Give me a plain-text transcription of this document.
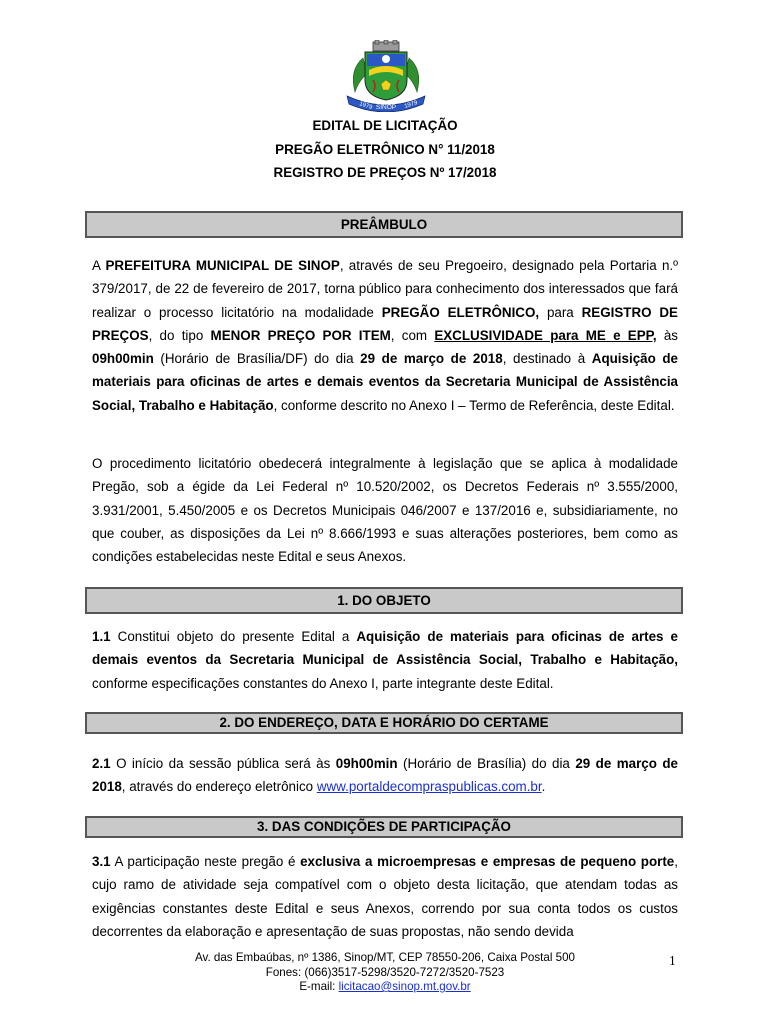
1979 SINOP 1979
EDITAL DE LICITAÇÃO
PREGÃO ELETRÔNICO N° 11/2018
REGISTRO DE PREÇOS Nº 17/2018
PREÂMBULO

A PREFEITURA MUNICIPAL DE SINOP, através de seu Pregoeiro, designado pela Portaria n.º 379/2017, de 22 de fevereiro de 2017, torna público para conhecimento dos interessados que fará realizar o processo licitatório na modalidade PREGÃO ELETRÔNICO, para REGISTRO DE PREÇOS, do tipo MENOR PREÇO POR ITEM, com EXCLUSIVIDADE para ME e EPP, às 09h00min (Horário de Brasília/DF) do dia 29 de março de 2018, destinado à Aquisição de materiais para oficinas de artes e demais eventos da Secretaria Municipal de Assistência Social, Trabalho e Habitação, conforme descrito no Anexo I – Termo de Referência, deste Edital.

O procedimento licitatório obedecerá integralmente à legislação que se aplica à modalidade Pregão, sob a égide da Lei Federal nº 10.520/2002, os Decretos Federais nº 3.555/2000, 3.931/2001, 5.450/2005 e os Decretos Municipais 046/2007 e 137/2016 e, subsidiariamente, no que couber, as disposições da Lei nº 8.666/1993 e suas alterações posteriores, bem como as condições estabelecidas neste Edital e seus Anexos.

1. DO OBJETO

1.1 Constitui objeto do presente Edital a Aquisição de materiais para oficinas de artes e demais eventos da Secretaria Municipal de Assistência Social, Trabalho e Habitação, conforme especificações constantes do Anexo I, parte integrante deste Edital.

2. DO ENDEREÇO, DATA E HORÁRIO DO CERTAME

2.1 O início da sessão pública será às 09h00min (Horário de Brasília) do dia 29 de março de 2018, através do endereço eletrônico www.portaldecompraspublicas.com.br.

3. DAS CONDIÇÕES DE PARTICIPAÇÃO

3.1 A participação neste pregão é exclusiva a microempresas e empresas de pequeno porte, cujo ramo de atividade seja compatível com o objeto desta licitação, que atendam todas as exigências constantes deste Edital e seus Anexos, correndo por sua conta todos os custos decorrentes da elaboração e apresentação de suas propostas, não sendo devida

Av. das Embaúbas, nº 1386, Sinop/MT, CEP 78550-206, Caixa Postal 500
Fones: (066)3517-5298/3520-7272/3520-7523
E-mail: licitacao@sinop.mt.gov.br
1
